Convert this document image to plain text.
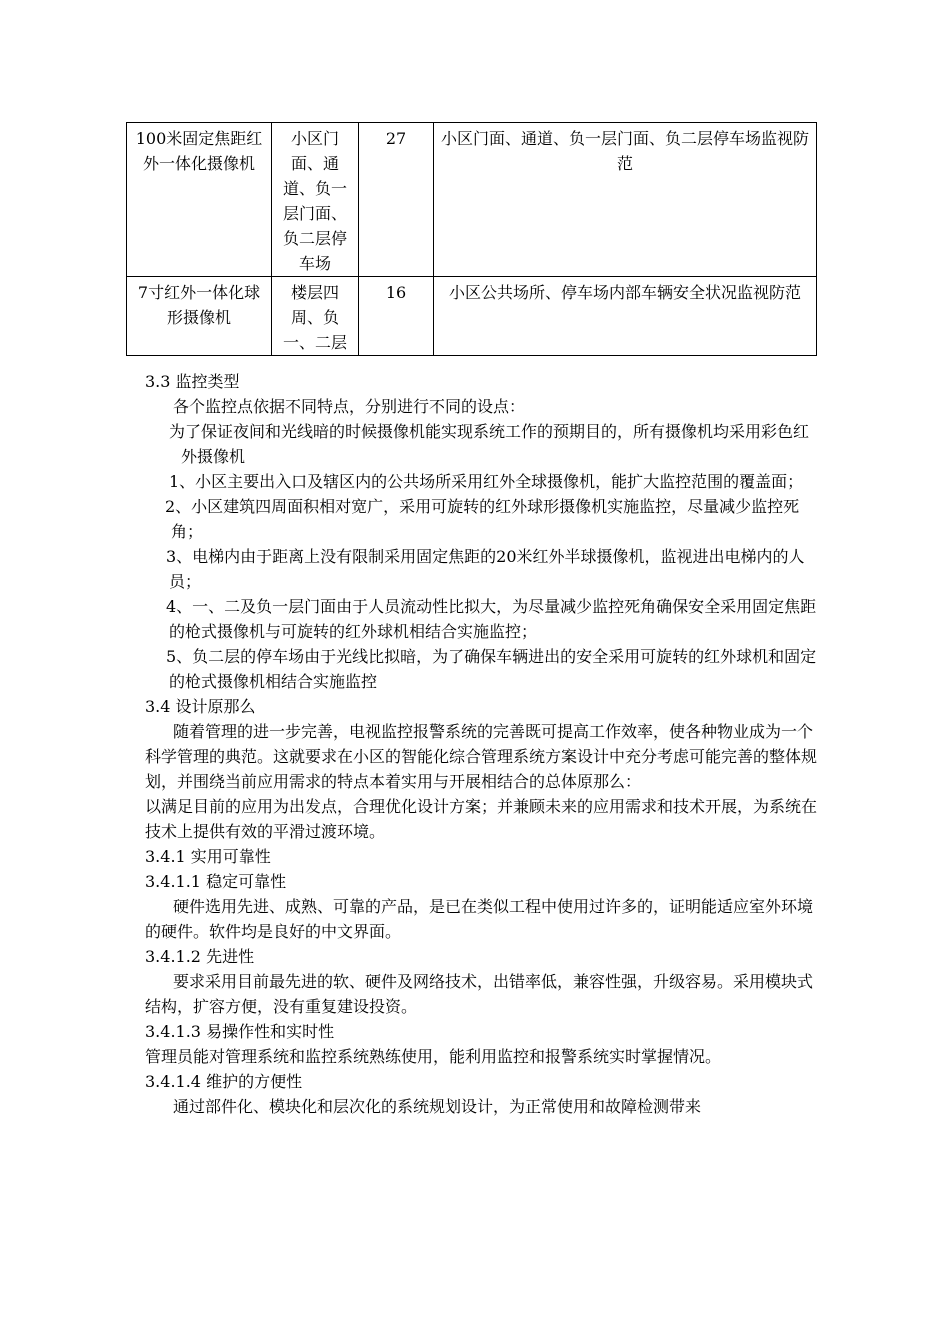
100米固定焦距红外一体化摄像机	小区门面、通道、负一层门面、负二层停车场	27	小区门面、通道、负一层门面、负二层停车场监视防范
7寸红外一体化球形摄像机	楼层四周、负一、二层	16	小区公共场所、停车场内部车辆安全状况监视防范

3.3 监控类型

各个监控点依据不同特点，分别进行不同的设点：

为了保证夜间和光线暗的时候摄像机能实现系统工作的预期目的，所有摄像机均采用彩色红外摄像机

1、小区主要出入口及辖区内的公共场所采用红外全球摄像机，能扩大监控范围的覆盖面；

2、小区建筑四周面积相对宽广，采用可旋转的红外球形摄像机实施监控，尽量减少监控死角；

3、电梯内由于距离上没有限制采用固定焦距的20米红外半球摄像机，监视进出电梯内的人员；

4、一、二及负一层门面由于人员流动性比拟大，为尽量减少监控死角确保安全采用固定焦距的枪式摄像机与可旋转的红外球机相结合实施监控；

5、负二层的停车场由于光线比拟暗，为了确保车辆进出的安全采用可旋转的红外球机和固定的枪式摄像机相结合实施监控

3.4 设计原那么

随着管理的进一步完善，电视监控报警系统的完善既可提高工作效率，使各种物业成为一个科学管理的典范。这就要求在小区的智能化综合管理系统方案设计中充分考虑可能完善的整体规划，并围绕当前应用需求的特点本着实用与开展相结合的总体原那么：

以满足目前的应用为出发点，合理优化设计方案；并兼顾未来的应用需求和技术开展，为系统在技术上提供有效的平滑过渡环境。

3.4.1 实用可靠性

3.4.1.1 稳定可靠性

硬件选用先进、成熟、可靠的产品，是已在类似工程中使用过许多的，证明能适应室外环境的硬件。软件均是良好的中文界面。

3.4.1.2 先进性

要求采用目前最先进的软、硬件及网络技术，出错率低，兼容性强，升级容易。采用模块式结构，扩容方便，没有重复建设投资。

3.4.1.3 易操作性和实时性

管理员能对管理系统和监控系统熟练使用，能利用监控和报警系统实时掌握情况。

3.4.1.4 维护的方便性

通过部件化、模块化和层次化的系统规划设计，为正常使用和故障检测带来
